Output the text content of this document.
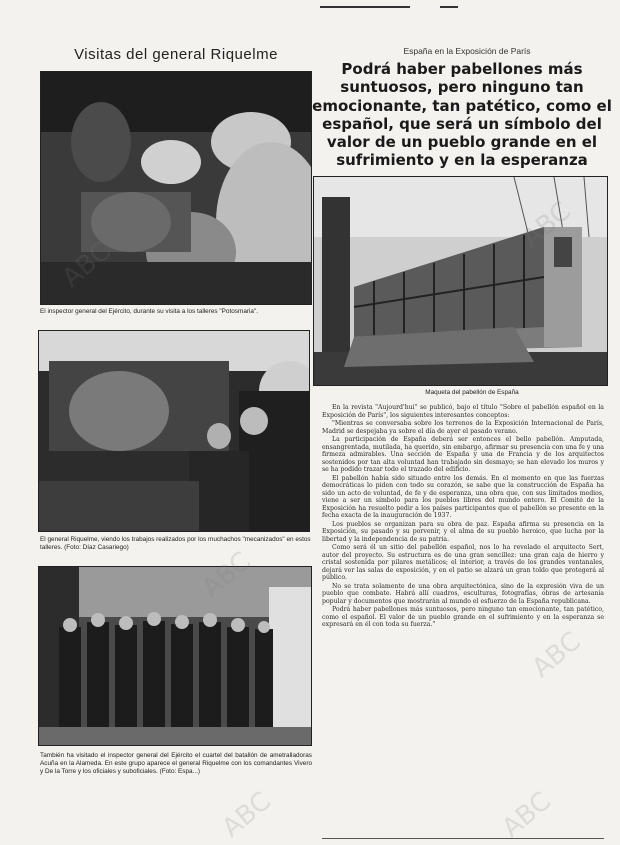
Visitas del general Riquelme
El inspector general del Ejército, durante su visita a los talleres "Potosmaria".
El general Riquelme, viendo los trabajos realizados por los muchachos "mecanizados" en estos talleres. (Foto: Díaz Casariego)
También ha visitado el inspector general del Ejército el cuartel del batallón de ametralladoras Acuña en la Alameda. En este grupo aparece el general Riquelme con los comandantes Vivero y De la Torre y los oficiales y suboficiales. (Foto: Espa...)
España en la Exposición de París
Podrá haber pabellones más suntuosos, pero ninguno tan emocionante, tan patético, como el español, que será un símbolo del valor de un pueblo grande en el sufrimiento y en la esperanza
Maqueta del pabellón de España

En la revista "Aujourd'hui" se publicó, bajo el título "Sobre el pabellón español en la Exposición de París", los siguientes interesantes conceptos:

"Mientras se conversaba sobre los terrenos de la Exposición Internacional de París, Madrid se despejaba ya sobre el día de ayer el pasado verano.

La participación de España deberá ser entonces el bello pabellón. Amputada, ensangrentada, mutilada, ha querido, sin embargo, afirmar su presencia con una fe y una firmeza admirables. Una sección de España y una de Francia y de los arquitectos sostenidos por tan alta voluntad han trabajado sin desmayo; se han elevado los muros y se ha podido trazar todo el trazado del edificio.

El pabellón había sido situado entre los demás. En el momento en que las fuerzas democráticas lo piden con todo su corazón, se sabe que la construcción de España ha sido un acto de voluntad, de fe y de esperanza, una obra que, con sus limitados medios, viene a ser un símbolo para los pueblos libres del mundo entero. El Comité de la Exposición ha resuelto pedir a los países participantes que el pabellón se presente en la fecha exacta de la inauguración de 1937.

Los pueblos se organizan para su obra de paz. España afirma su presencia en la Exposición, su pasado y su porvenir, y el alma de su pueblo heroico, que lucha por la libertad y la independencia de su patria.

Como será él un sitio del pabellón español, nos lo ha revelado el arquitecto Sert, autor del proyecto. Su estructura es de una gran sencillez: una gran caja de hierro y cristal sostenida por pilares metálicos; el interior, a través de los grandes ventanales, dejará ver las salas de exposición, y en el patio se alzará un gran toldo que protegerá al público.

No se trata solamente de una obra arquitectónica, sino de la expresión viva de un pueblo que combate. Habrá allí cuadros, esculturas, fotografías, obras de artesanía popular y documentos que mostrarán al mundo el esfuerzo de la España republicana.

Podrá haber pabellones más suntuosos, pero ninguno tan emocionante, tan patético, como el español. El valor de un pueblo grande en el sufrimiento y en la esperanza se expresará en él con toda su fuerza."

ABC
ABC	ABC
